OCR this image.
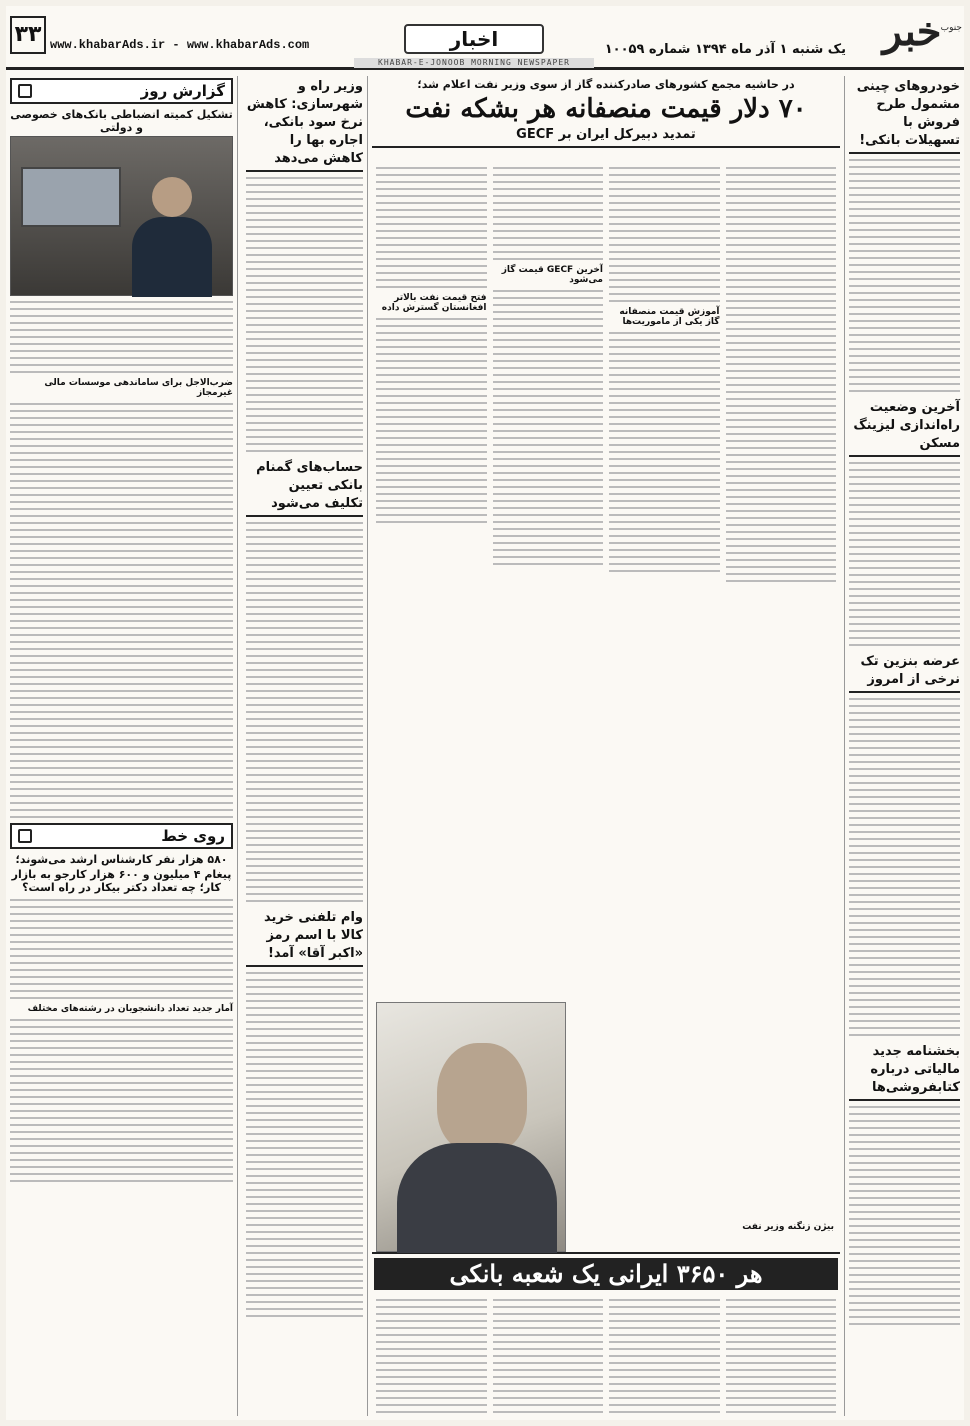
خبر جنوب
یک شنبه ۱ آذر ماه ۱۳۹۴ شماره ۱۰۰۵۹
اخبار
KHABAR-E-JONOOB MORNING NEWSPAPER
www.khabarAds.ir - www.khabarAds.com
۳۳
خودروهای چینی مشمول طرح فروش با تسهیلات بانکی!
آخرین وضعیت راه‌اندازی لیزینگ مسکن
عرضه بنزین تک نرخی از امروز
بخشنامه جدید مالیاتی درباره کتابفروشی‌ها
در حاشیه مجمع کشورهای صادرکننده گاز از سوی وزیر نفت اعلام شد؛
۷۰ دلار قیمت منصفانه هر بشکه نفت
تمدید دبیرکل ایران بر GECF
آموزش قیمت منصفانه گاز یکی از ماموریت‌ها
آخرین GECF قیمت گاز می‌شود
فتح قیمت نفت بالاتر افغانستان گسترش داده
بیژن زنگنه وزیر نفت
هر ۳۶۵۰ ایرانی یک شعبه بانکی
وزیر راه و شهرسازی: کاهش نرخ سود بانکی، اجاره بها را کاهش می‌دهد
حساب‌های گمنام بانکی تعیین تکلیف می‌شود
وام تلفنی خرید کالا با اسم رمز «اکبر آقا» آمد!
گزارش روز
تشکیل کمیته انضباطی بانک‌های خصوصی و دولتی
ضرب‌الاجل برای ساماندهی موسسات مالی غیرمجاز
روی خط
۵۸۰ هزار نفر کارشناس ارشد می‌شوند؛
پیغام ۴ میلیون و ۶۰۰ هزار کارجو به بازار کار؛ چه تعداد دکتر بیکار در راه است؟
آمار جدید تعداد دانشجویان در رشته‌های مختلف
